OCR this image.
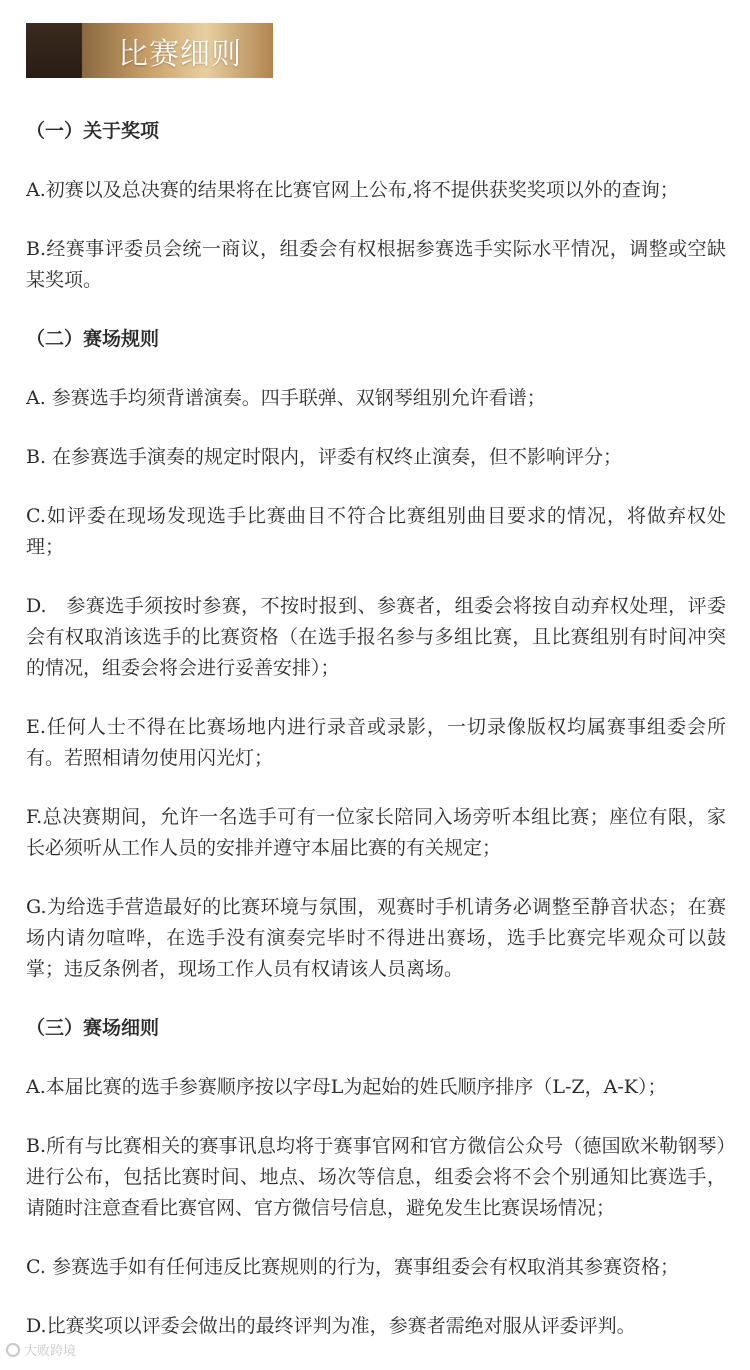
比赛细则
（一）关于奖项

A.初赛以及总决赛的结果将在比赛官网上公布,将不提供获奖奖项以外的查询；

B.经赛事评委员会统一商议，组委会有权根据参赛选手实际水平情况，调整或空缺某奖项。

（二）赛场规则

A. 参赛选手均须背谱演奏。四手联弹、双钢琴组别允许看谱；

B. 在参赛选手演奏的规定时限内，评委有权终止演奏，但不影响评分；

C.如评委在现场发现选手比赛曲目不符合比赛组别曲目要求的情况，将做弃权处理；

D.　参赛选手须按时参赛，不按时报到、参赛者，组委会将按自动弃权处理，评委会有权取消该选手的比赛资格（在选手报名参与多组比赛，且比赛组别有时间冲突的情况，组委会将会进行妥善安排）；

E.任何人士不得在比赛场地内进行录音或录影，一切录像版权均属赛事组委会所有。若照相请勿使用闪光灯；

F.总决赛期间，允许一名选手可有一位家长陪同入场旁听本组比赛；座位有限，家长必须听从工作人员的安排并遵守本届比赛的有关规定；

G.为给选手营造最好的比赛环境与氛围，观赛时手机请务必调整至静音状态；在赛场内请勿喧哗，在选手没有演奏完毕时不得进出赛场，选手比赛完毕观众可以鼓掌；违反条例者，现场工作人员有权请该人员离场。

（三）赛场细则

A.本届比赛的选手参赛顺序按以字母L为起始的姓氏顺序排序（L-Z，A-K）；

B.所有与比赛相关的赛事讯息均将于赛事官网和官方微信公众号（德国欧米勒钢琴）进行公布，包括比赛时间、地点、场次等信息，组委会将不会个别通知比赛选手，请随时注意查看比赛官网、官方微信号信息，避免发生比赛误场情况；

C. 参赛选手如有任何违反比赛规则的行为，赛事组委会有权取消其参赛资格；

D.比赛奖项以评委会做出的最终评判为准，参赛者需绝对服从评委评判。

大败跨境
